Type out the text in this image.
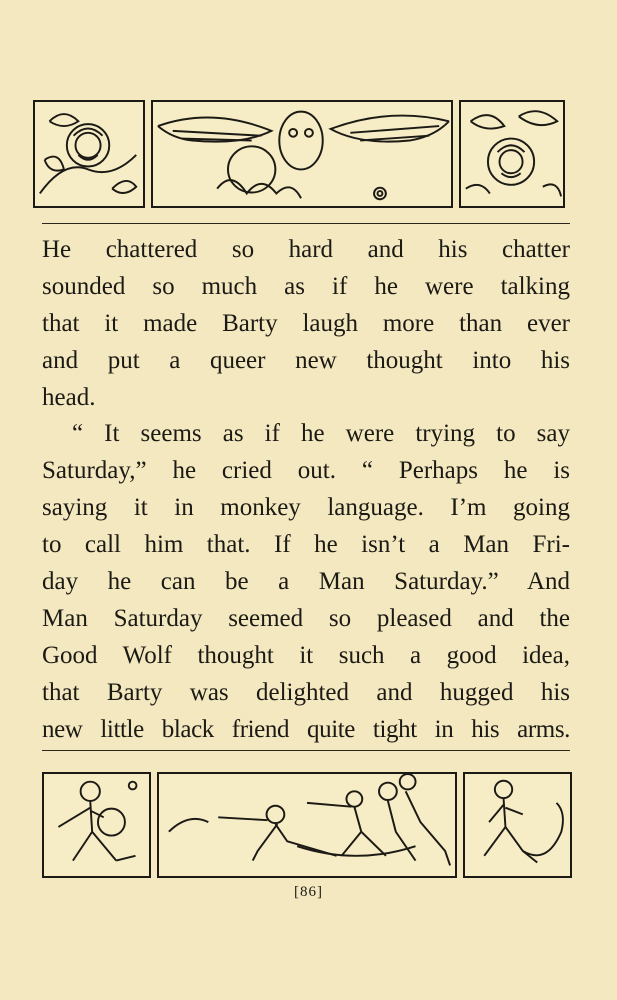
He chattered so hard and his chatter
sounded so much as if he were talking
that it made Barty laugh more than ever
and put a queer new thought into his
head.
“ It seems as if he were trying to say
Saturday,” he cried out. “ Perhaps he is
saying it in monkey language. I’m going
to call him that. If he isn’t a Man Fri-
day he can be a Man Saturday.” And
Man Saturday seemed so pleased and the
Good Wolf thought it such a good idea,
that Barty was delighted and hugged his
new little black friend quite tight in his arms.
[86]
